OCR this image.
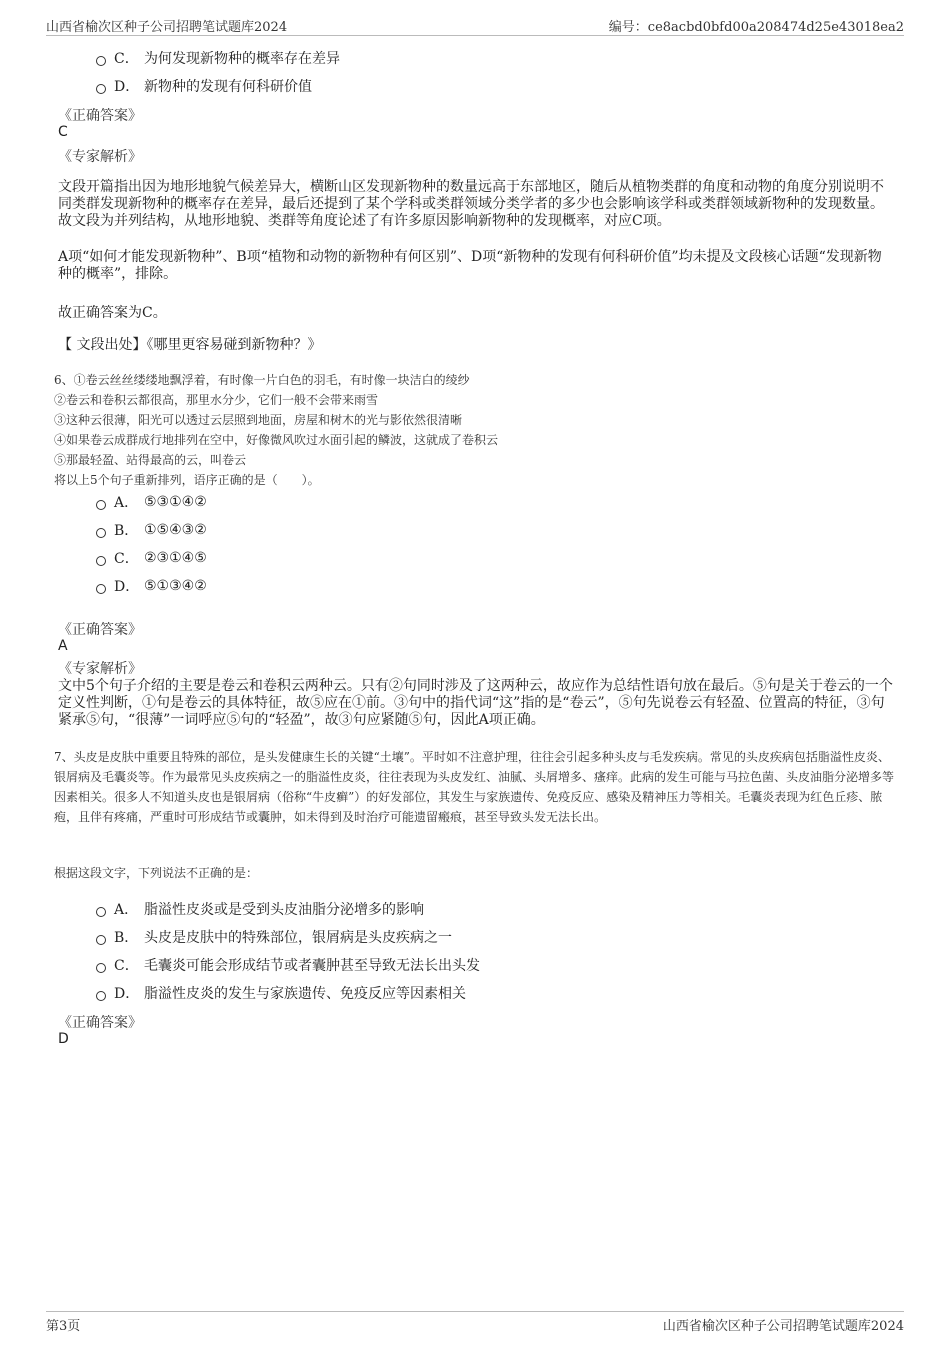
山西省榆次区种子公司招聘笔试题库2024	编号：ce8acbd0bfd00a208474d25e43018ea2
C． 为何发现新物种的概率存在差异
D． 新物种的发现有何科研价值
《正确答案》
C
《专家解析》
文段开篇指出因为地形地貌气候差异大，横断山区发现新物种的数量远高于东部地区，随后从植物类群的角度和动物的角度分别说明不同类群发现新物种的概率存在差异，最后还提到了某个学科或类群领域分类学者的多少也会影响该学科或类群领域新物种的发现数量。故文段为并列结构，从地形地貌、类群等角度论述了有许多原因影响新物种的发现概率，对应C项。
A项“如何才能发现新物种”、B项“植物和动物的新物种有何区别”、D项“新物种的发现有何科研价值”均未提及文段核心话题“发现新物种的概率”，排除。
故正确答案为C。
【 文段出处】《哪里更容易碰到新物种？》
6、①卷云丝丝缕缕地飘浮着，有时像一片白色的羽毛，有时像一块洁白的绫纱
②卷云和卷积云都很高，那里水分少，它们一般不会带来雨雪
③这种云很薄，阳光可以透过云层照到地面，房屋和树木的光与影依然很清晰
④如果卷云成群成行地排列在空中，好像微风吹过水面引起的鳞波，这就成了卷积云
⑤那最轻盈、站得最高的云，叫卷云
将以上5个句子重新排列，语序正确的是（　　）。
A． ⑤③①④②
B． ①⑤④③②
C． ②③①④⑤
D． ⑤①③④②
《正确答案》
A
《专家解析》
文中5个句子介绍的主要是卷云和卷积云两种云。只有②句同时涉及了这两种云，故应作为总结性语句放在最后。⑤句是关于卷云的一个定义性判断，①句是卷云的具体特征，故⑤应在①前。③句中的指代词“这”指的是“卷云”，⑤句先说卷云有轻盈、位置高的特征，③句紧承⑤句，“很薄”一词呼应⑤句的“轻盈”，故③句应紧随⑤句，因此A项正确。
7、头皮是皮肤中重要且特殊的部位，是头发健康生长的关键“土壤”。平时如不注意护理，往往会引起多种头皮与毛发疾病。常见的头皮疾病包括脂溢性皮炎、银屑病及毛囊炎等。作为最常见头皮疾病之一的脂溢性皮炎，往往表现为头皮发红、油腻、头屑增多、瘙痒。此病的发生可能与马拉色菌、头皮油脂分泌增多等因素相关。很多人不知道头皮也是银屑病（俗称“牛皮癣”）的好发部位，其发生与家族遗传、免疫反应、感染及精神压力等相关。毛囊炎表现为红色丘疹、脓疱，且伴有疼痛，严重时可形成结节或囊肿，如未得到及时治疗可能遗留瘢痕，甚至导致头发无法长出。
根据这段文字，下列说法不正确的是：
A． 脂溢性皮炎或是受到头皮油脂分泌增多的影响
B． 头皮是皮肤中的特殊部位，银屑病是头皮疾病之一
C． 毛囊炎可能会形成结节或者囊肿甚至导致无法长出头发
D． 脂溢性皮炎的发生与家族遗传、免疫反应等因素相关
《正确答案》
D
第3页	山西省榆次区种子公司招聘笔试题库2024
